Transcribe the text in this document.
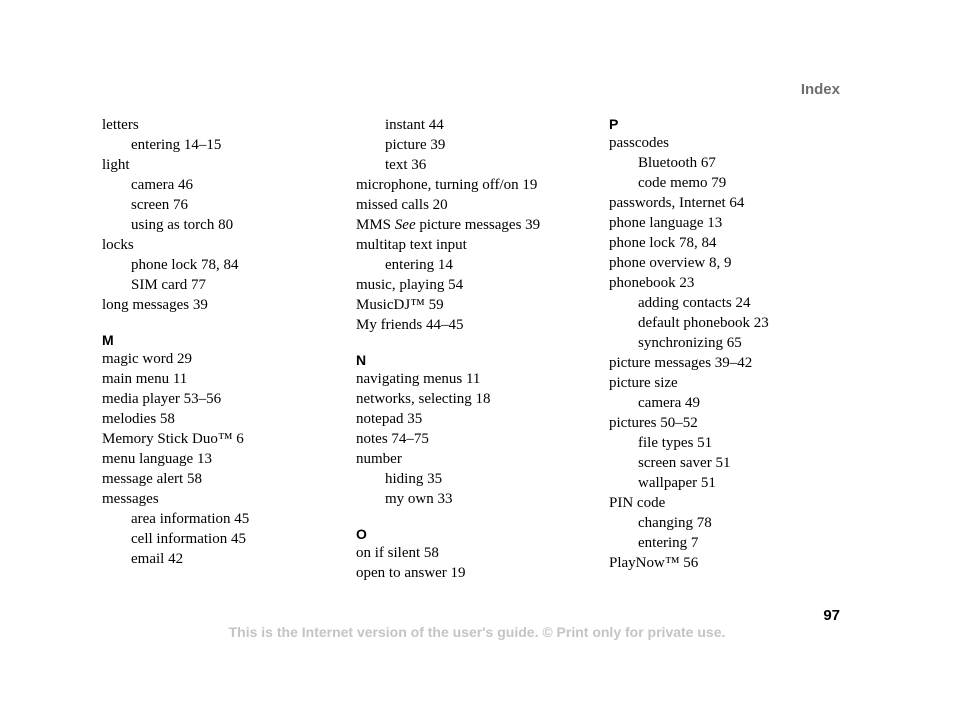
Index
letters
entering 14–15
light
camera 46
screen 76
using as torch 80
locks
phone lock 78, 84
SIM card 77
long messages 39
M
magic word 29
main menu 11
media player 53–56
melodies 58
Memory Stick Duo™ 6
menu language 13
message alert 58
messages
area information 45
cell information 45
email 42
instant 44
picture 39
text 36
microphone, turning off/on 19
missed calls 20
MMS See picture messages 39
multitap text input
entering 14
music, playing 54
MusicDJ™ 59
My friends 44–45
N
navigating menus 11
networks, selecting 18
notepad 35
notes 74–75
number
hiding 35
my own 33
O
on if silent 58
open to answer 19
P
passcodes
Bluetooth 67
code memo 79
passwords, Internet 64
phone language 13
phone lock 78, 84
phone overview 8, 9
phonebook 23
adding contacts 24
default phonebook 23
synchronizing 65
picture messages 39–42
picture size
camera 49
pictures 50–52
file types 51
screen saver 51
wallpaper 51
PIN code
changing 78
entering 7
PlayNow™ 56
97
This is the Internet version of the user's guide. © Print only for private use.
